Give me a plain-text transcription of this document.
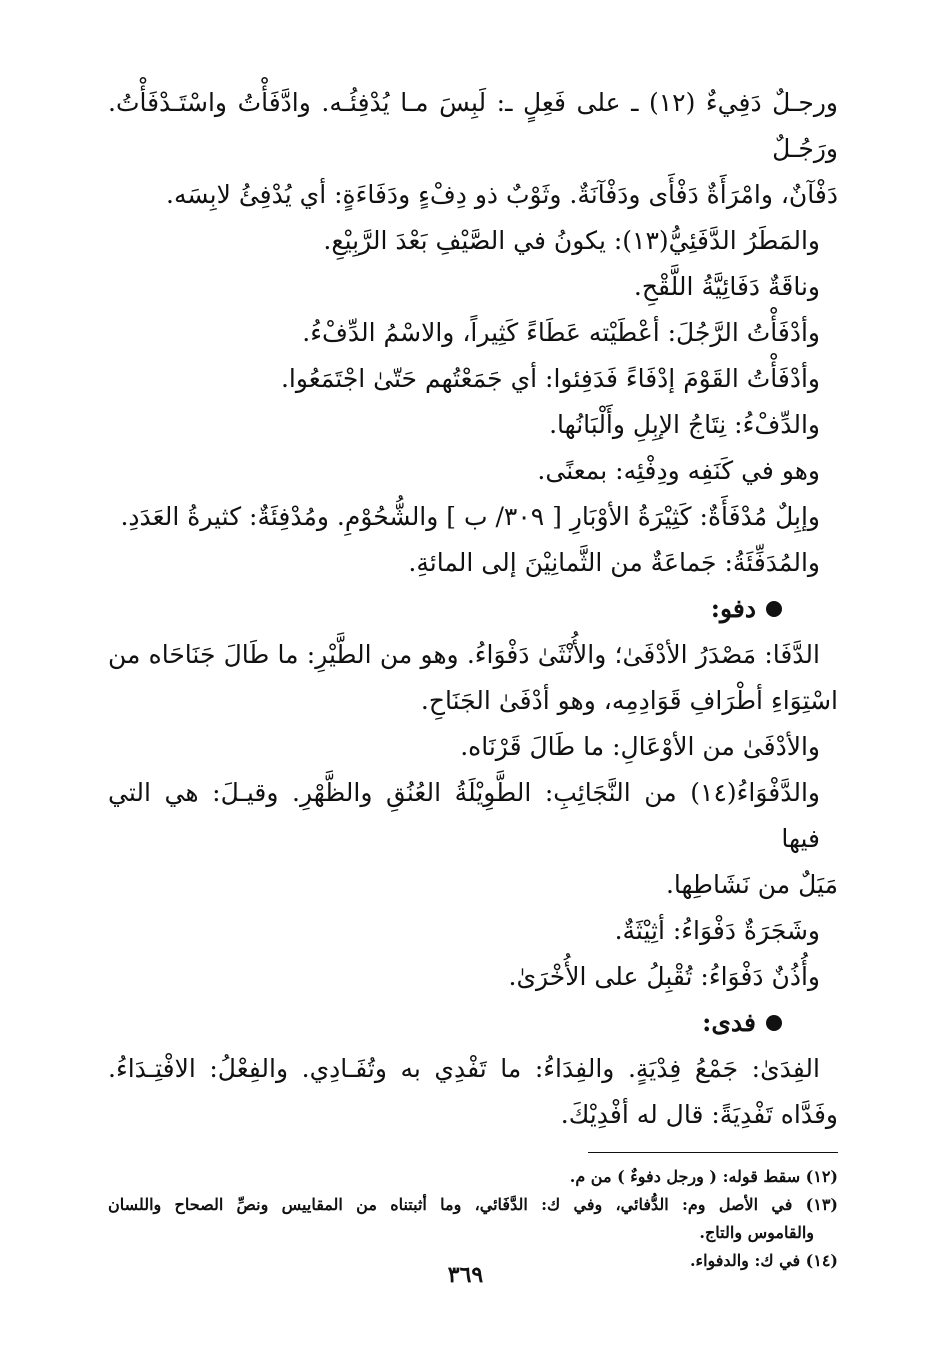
ورجـلٌ دَفِيءٌ (١٢) ـ على فَعِلٍ ـ: لَبِسَ مـا يُدْفِئُـه. وادَّفَأْتُ واسْتَـدْفَأْتُ. ورَجُـلٌ
دَفْآنٌ، وامْرَأَةٌ دَفْأَى ودَفْآنَةٌ. وثَوْبٌ ذو دِفْءٍ ودَفَاءَةٍ: أي يُدْفِئُ لابِسَه.
والمَطَرُ الدَّفَئِيُّ(١٣): يكونُ في الصَّيْفِ بَعْدَ الرَّبِيْعِ.
وناقَةٌ دَفَائِيَّةُ اللَّقْحِ.
وأدْفَأْتُ الرَّجُلَ: أعْطَيْته عَطَاءً كَثِيراً، والاسْمُ الدِّفْءُ.
وأدْفَأْتُ القَوْمَ إدْفَاءً فَدَفِئوا: أي جَمَعْتُهم حَتّىٰ اجْتَمَعُوا.
والدِّفْءُ: نِتَاجُ الإبِلِ وأَلْبَانُها.
وهو في كَنَفِه ودِفْئِه: بمعنًى.
وإبِلٌ مُدْفَأَةٌ: كَثِيْرَةُ الأوْبَارِ [ ٣٠٩/ ب ] والشُّحُوْمِ. ومُدْفِئَةٌ: كثيرةُ العَدَدِ.
والمُدَفِّئَةُ: جَماعَةٌ من الثَّمانِيْنَ إلى المائةِ.
دفو:
الدَّفَا: مَصْدَرُ الأدْفَىٰ؛ والأُنْثَىٰ دَفْوَاءُ. وهو من الطَّيْرِ: ما طَالَ جَنَاحَاه من
اسْتِوَاءِ أطْرَافِ قَوَادِمِه، وهو أدْفَىٰ الجَنَاحِ.
والأدْفَىٰ من الأوْعَالِ: ما طَالَ قَرْنَاه.
والدَّفْوَاءُ(١٤) من النَّجَائِبِ: الطَّوِيْلَةُ العُنُقِ والظَّهْرِ. وقيـلَ: هي التي فيها
مَيَلٌ من نَشَاطِها.
وشَجَرَةٌ دَفْوَاءُ: أثِيْثَةٌ.
وأُذُنٌ دَفْوَاءُ: تُقْبِلُ على الأُخْرَىٰ.
فدى:
الفِدَىٰ: جَمْعُ فِدْيَةٍ. والفِدَاءُ: ما تَفْدِي به وتُفَـادِي. والفِعْلُ: الافْتِـدَاءُ.
وفَدَّاه تَفْدِيَةً: قال له أفْدِيْكَ.
(١٢) سقط قوله: ( ورجل دفوءٌ ) من م.
(١٣) في الأصل وم: الدُّفائي، وفي ك: الدَّفَائي، وما أثبتناه من المقاييس ونصِّ الصحاح واللسان
والقاموس والتاج.
(١٤) في ك: والدفواء.
٣٦٩
